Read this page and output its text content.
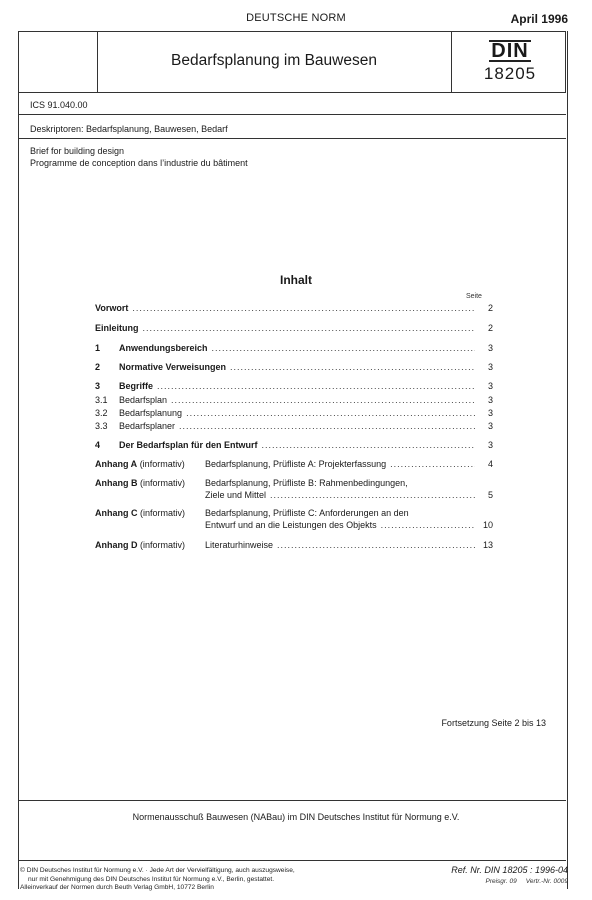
DEUTSCHE NORM	April 1996
Bedarfsplanung im Bauwesen	DIN
18205
ICS 91.040.00
Deskriptoren: Bedarfsplanung, Bauwesen, Bedarf
Brief for building design
Programme de conception dans l’industrie du bâtiment
Inhalt
Seite
Vorwort .....	2
Einleitung .....	2
1	Anwendungsbereich .....	3
2	Normative Verweisungen .....	3
3	Begriffe .....	3
3.1	Bedarfsplan .....	3
3.2	Bedarfsplanung .....	3
3.3	Bedarfsplaner .....	3
4	Der Bedarfsplan für den Entwurf .....	3
Anhang A (informativ) Bedarfsplanung, Prüfliste A: Projekterfassung .....	4
Anhang B (informativ) Bedarfsplanung, Prüfliste B: Rahmenbedingungen,
Ziele und Mittel .....	5
Anhang C (informativ) Bedarfsplanung, Prüfliste C: Anforderungen an den
Entwurf und an die Leistungen des Objekts .....	10
Anhang D (informativ) Literaturhinweise .....	13
Fortsetzung Seite 2 bis 13
Normenausschuß Bauwesen (NABau) im DIN Deutsches Institut für Normung e.V.
© DIN Deutsches Institut für Normung e.V. · Jede Art der Vervielfältigung, auch auszugsweise,
nur mit Genehmigung des DIN Deutsches Institut für Normung e.V., Berlin, gestattet.
Alleinverkauf der Normen durch Beuth Verlag GmbH, 10772 Berlin
Ref. Nr. DIN 18205 : 1996-04
Preisgr. 09 Vertr.-Nr. 0009
